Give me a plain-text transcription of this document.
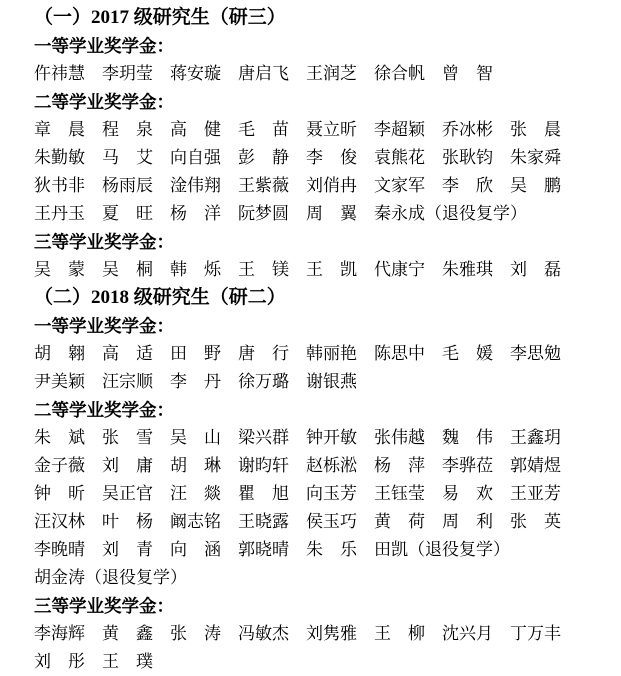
（一）2017 级研究生（研三）
一等学业奖学金：
仵祎慧　李玥莹　蒋安璇　唐启飞　王润芝　徐合帆　曾　智
二等学业奖学金：
章　晨　程　泉　高　健　毛　苗　聂立昕　李超颖　乔冰彬　张　晨
朱勤敏　马　艾　向自强　彭　静　李　俊　袁熊花　张耿钧　朱家舜
狄书非　杨雨辰　淦伟翔　王紫薇　刘俏冉　文家军　李　欣　吴　鹏
王丹玉　夏　旺　杨　洋　阮梦圆　周　翼　秦永成（退役复学）
三等学业奖学金：
吴　蒙　吴　桐　韩　烁　王　镁　王　凯　代康宁　朱雅琪　刘　磊
（二）2018 级研究生（研二）
一等学业奖学金：
胡　翱　高　适　田　野　唐　行　韩丽艳　陈思中　毛　媛　李思勉
尹美颖　汪宗顺　李　丹　徐万璐　谢银燕
二等学业奖学金：
朱　斌　张　雪　吴　山　梁兴群　钟开敏　张伟越　魏　伟　王鑫玥
金子薇　刘　庸　胡　琳　谢昀轩　赵栎淞　杨　萍　李骅莅　郭婧煜
钟　昕　吴正官　汪　燚　瞿　旭　向玉芳　王钰莹　易　欢　王亚芳
汪汉林　叶　杨　阚志铭　王晓露　侯玉巧　黄　荷　周　利　张　英
李晚晴　刘　青　向　涵　郭晓晴　朱　乐　田凯（退役复学）
胡金涛（退役复学）
三等学业奖学金：
李海辉　黄　鑫　张　涛　冯敏杰　刘隽雅　王　柳　沈兴月　丁万丰
刘　彤　王　璞
